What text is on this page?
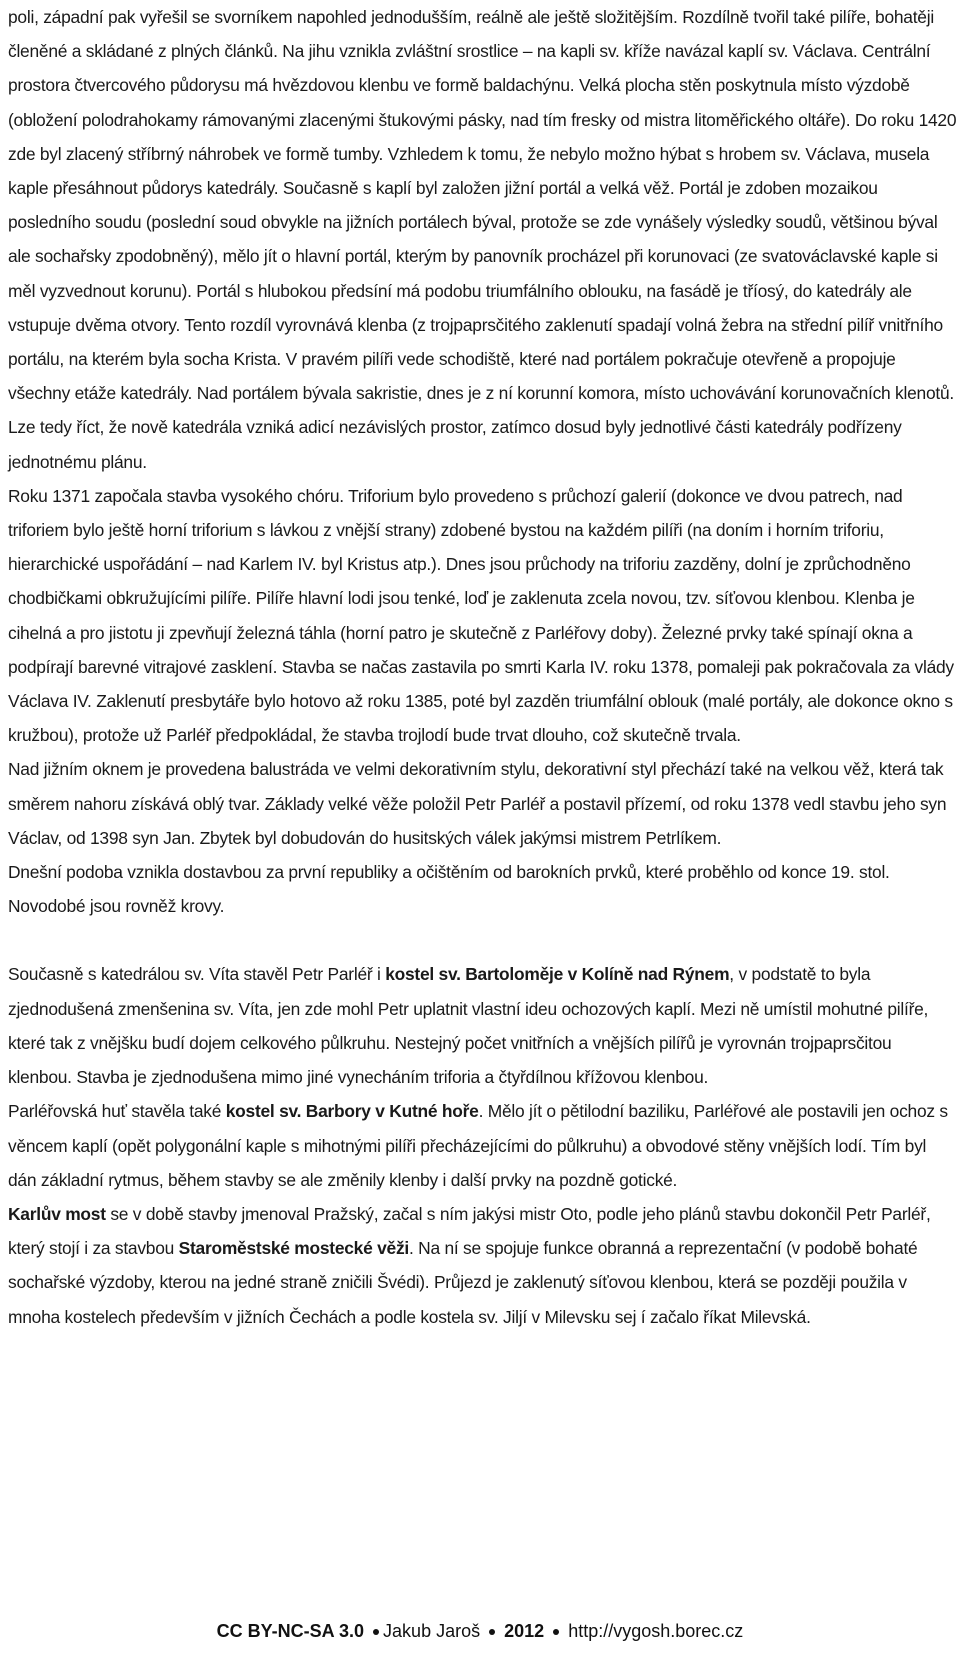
poli, západní pak vyřešil se svorníkem napohled jednodušším, reálně ale ještě složitějším. Rozdílně tvořil také pilíře, bohatěji členěné a skládané z plných článků. Na jihu vznikla zvláštní srostlice – na kapli sv. kříže navázal kaplí sv. Václava. Centrální prostora čtvercového půdorysu má hvězdovou klenbu ve formě baldachýnu. Velká plocha stěn poskytnula místo výzdobě (obložení polodrahokamy rámovanými zlacenými štukovými pásky, nad tím fresky od mistra litoměřického oltáře). Do roku 1420 zde byl zlacený stříbrný náhrobek ve formě tumby. Vzhledem k tomu, že nebylo možno hýbat s hrobem sv. Václava, musela kaple přesáhnout půdorys katedrály. Současně s kaplí byl založen jižní portál a velká věž. Portál je zdoben mozaikou posledního soudu (poslední soud obvykle na jižních portálech býval, protože se zde vynášely výsledky soudů, většinou býval ale sochařsky zpodobněný), mělo jít o hlavní portál, kterým by panovník procházel při korunovaci (ze svatováclavské kaple si měl vyzvednout korunu). Portál s hlubokou předsíní má podobu triumfálního oblouku, na fasádě je tříosý, do katedrály ale vstupuje dvěma otvory. Tento rozdíl vyrovnává klenba (z trojpaprsčitého zaklenutí spadají volná žebra na střední pilíř vnitřního portálu, na kterém byla socha Krista. V pravém pilíři vede schodiště, které nad portálem pokračuje otevřeně a propojuje všechny etáže katedrály. Nad portálem bývala sakristie, dnes je z ní korunní komora, místo uchovávání korunovačních klenotů.

Lze tedy říct, že nově katedrála vzniká adicí nezávislých prostor, zatímco dosud byly jednotlivé části katedrály podřízeny jednotnému plánu.

Roku 1371 započala stavba vysokého chóru. Triforium bylo provedeno s průchozí galerií (dokonce ve dvou patrech, nad triforiem bylo ještě horní triforium s lávkou z vnější strany) zdobené bystou na každém pilíři (na doním i horním triforiu, hierarchické uspořádání – nad Karlem IV. byl Kristus atp.). Dnes jsou průchody na triforiu zazděny, dolní je zprůchodněno chodbičkami obkružujícími pilíře. Pilíře hlavní lodi jsou tenké, loď je zaklenuta zcela novou, tzv. síťovou klenbou. Klenba je cihelná a pro jistotu ji zpevňují železná táhla (horní patro je skutečně z Parléřovy doby). Železné prvky také spínají okna a podpírají barevné vitrajové zasklení. Stavba se načas zastavila po smrti Karla IV. roku 1378, pomaleji pak pokračovala za vlády Václava IV. Zaklenutí presbytáře bylo hotovo až roku 1385, poté byl zazděn triumfální oblouk (malé portály, ale dokonce okno s kružbou), protože už Parléř předpokládal, že stavba trojlodí bude trvat dlouho, což skutečně trvala.

Nad jižním oknem je provedena balustráda ve velmi dekorativním stylu, dekorativní styl přechází také na velkou věž, která tak směrem nahoru získává oblý tvar. Základy velké věže položil Petr Parléř a postavil přízemí, od roku 1378 vedl stavbu jeho syn Václav, od 1398 syn Jan. Zbytek byl dobudován do husitských válek jakýmsi mistrem Petrlíkem.

Dnešní podoba vznikla dostavbou za první republiky a očištěním od barokních prvků, které proběhlo od konce 19. stol. Novodobé jsou rovněž krovy.

Současně s katedrálou sv. Víta stavěl Petr Parléř i kostel sv. Bartoloměje v Kolíně nad Rýnem, v podstatě to byla zjednodušená zmenšenina sv. Víta, jen zde mohl Petr uplatnit vlastní ideu ochozových kaplí. Mezi ně umístil mohutné pilíře, které tak z vnějšku budí dojem celkového půlkruhu. Nestejný počet vnitřních a vnějších pilířů je vyrovnán trojpaprsčitou klenbou. Stavba je zjednodušena mimo jiné vynecháním triforia a čtyřdílnou křížovou klenbou.

Parléřovská huť stavěla také kostel sv. Barbory v Kutné hoře. Mělo jít o pětilodní baziliku, Parléřové ale postavili jen ochoz s věncem kaplí (opět polygonální kaple s mihotnými pilíři přecházejícími do půlkruhu) a obvodové stěny vnějších lodí. Tím byl dán základní rytmus, během stavby se ale změnily klenby i další prvky na pozdně gotické.

Karlův most se v době stavby jmenoval Pražský, začal s ním jakýsi mistr Oto, podle jeho plánů stavbu dokončil Petr Parléř, který stojí i za stavbou Staroměstské mostecké věži. Na ní se spojuje funkce obranná a reprezentační (v podobě bohaté sochařské výzdoby, kterou na jedné straně zničili Švédi). Průjezd je zaklenutý síťovou klenbou, která se později použila v mnoha kostelech především v jižních Čechách a podle kostela sv. Jiljí v Milevsku sej í začalo říkat Milevská.

CC BY-NC-SA 3.0 Jakub Jaroš 2012 http://vygosh.borec.cz
